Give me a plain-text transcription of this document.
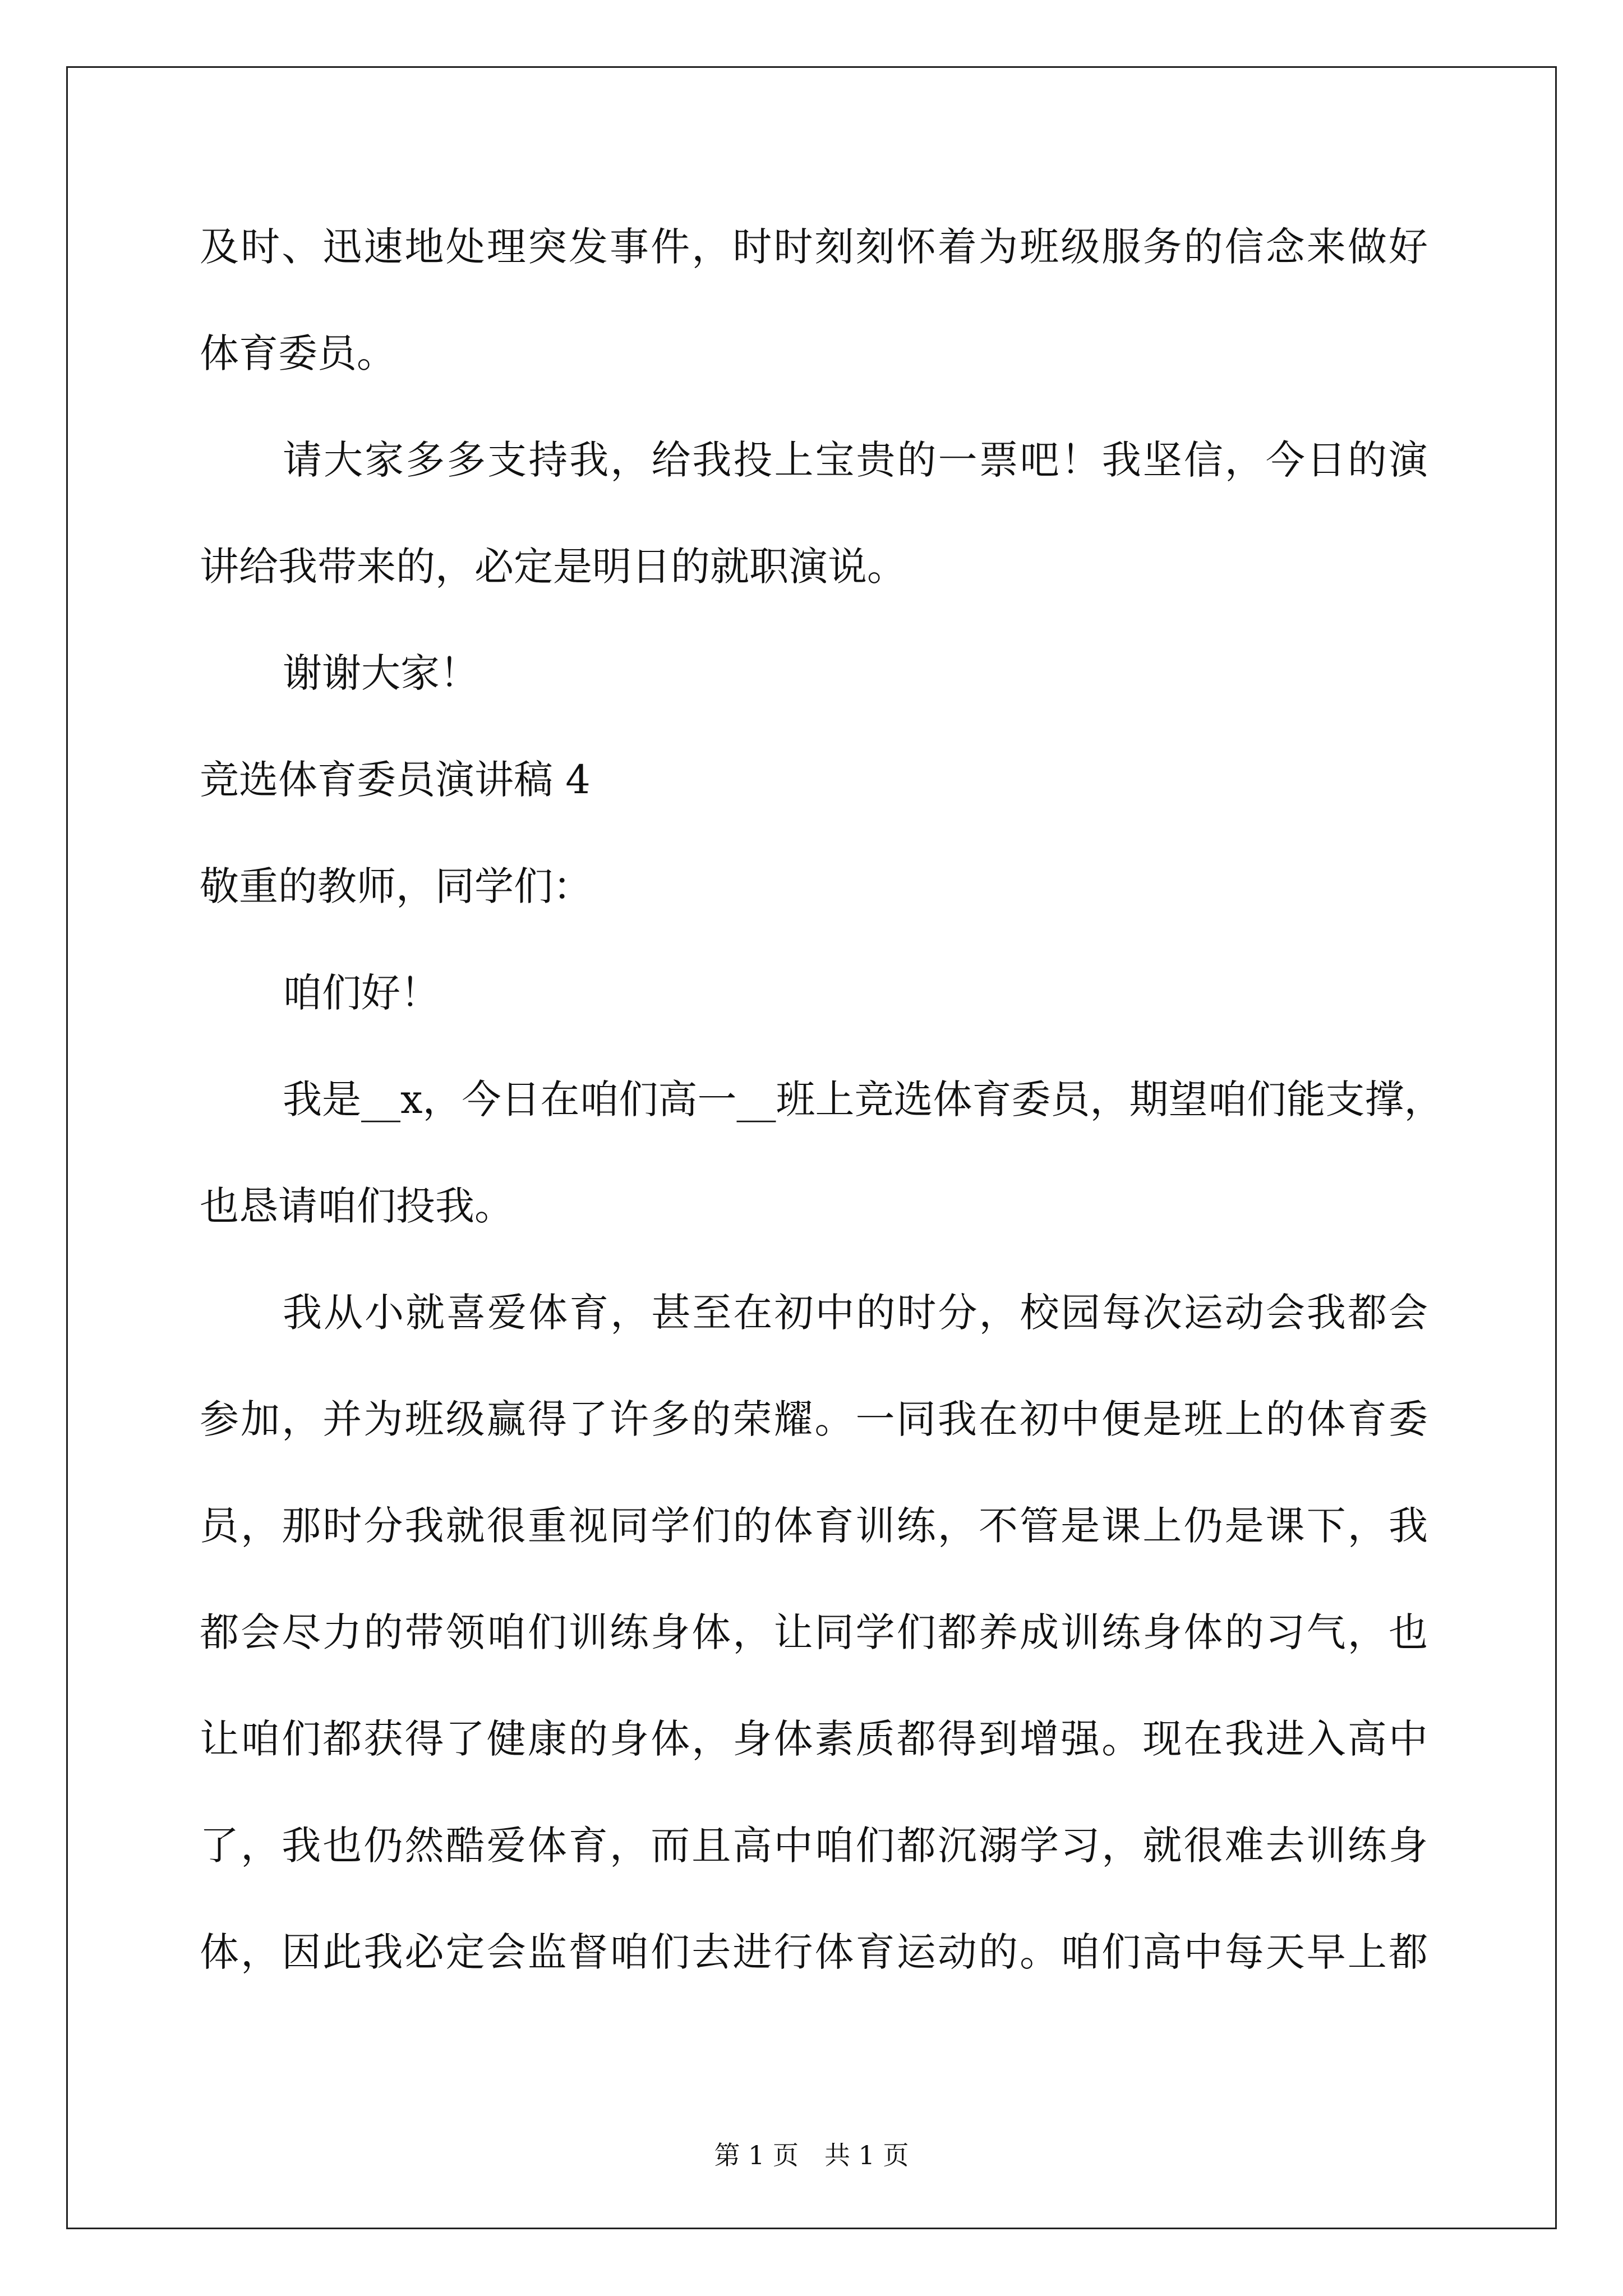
及时、迅速地处理突发事件，时时刻刻怀着为班级服务的信念来做好
体育委员。
请大家多多支持我，给我投上宝贵的一票吧！我坚信，今日的演
讲给我带来的，必定是明日的就职演说。
谢谢大家！
竞选体育委员演讲稿 4
敬重的教师，同学们：
咱们好！
我是__x，今日在咱们高一__班上竞选体育委员，期望咱们能支撑，
也恳请咱们投我。
我从小就喜爱体育，甚至在初中的时分，校园每次运动会我都会
参加，并为班级赢得了许多的荣耀。一同我在初中便是班上的体育委
员，那时分我就很重视同学们的体育训练，不管是课上仍是课下，我
都会尽力的带领咱们训练身体，让同学们都养成训练身体的习气，也
让咱们都获得了健康的身体，身体素质都得到增强。现在我进入高中
了，我也仍然酷爱体育，而且高中咱们都沉溺学习，就很难去训练身
体，因此我必定会监督咱们去进行体育运动的。咱们高中每天早上都
第 1 页　共 1 页
